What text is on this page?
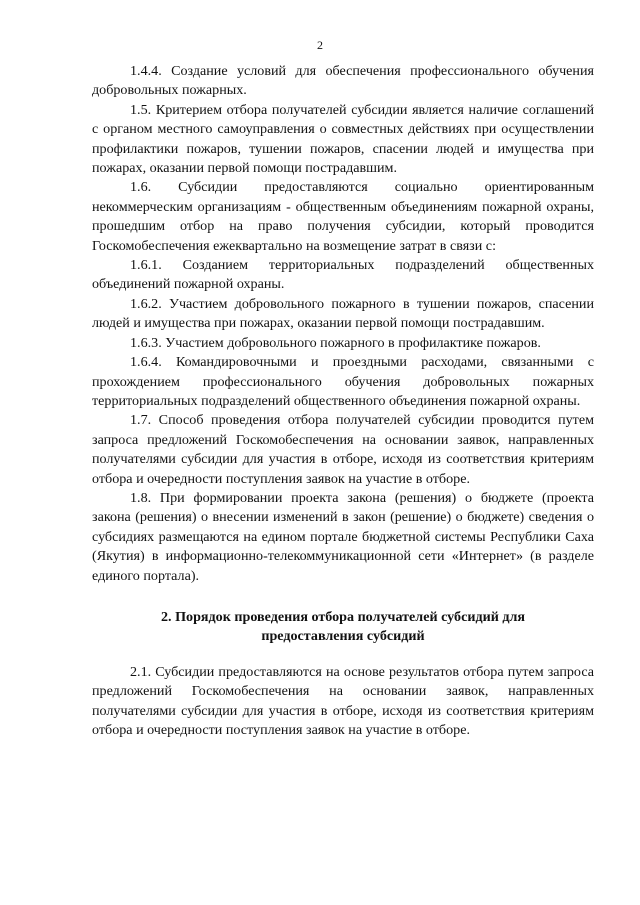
2

1.4.4. Создание условий для обеспечения профессионального обучения добровольных пожарных.

1.5. Критерием отбора получателей субсидии является наличие соглашений с органом местного самоуправления о совместных действиях при осуществлении профилактики пожаров, тушении пожаров, спасении людей и имущества при пожарах, оказании первой помощи пострадавшим.

1.6. Субсидии предоставляются социально ориентированным некоммерческим организациям - общественным объединениям пожарной охраны, прошедшим отбор на право получения субсидии, который проводится Госкомобеспечения ежеквартально на возмещение затрат в связи с:

1.6.1. Созданием территориальных подразделений общественных объединений пожарной охраны.

1.6.2. Участием добровольного пожарного в тушении пожаров, спасении людей и имущества при пожарах, оказании первой помощи пострадавшим.

1.6.3. Участием добровольного пожарного в профилактике пожаров.

1.6.4. Командировочными и проездными расходами, связанными с прохождением профессионального обучения добровольных пожарных территориальных подразделений общественного объединения пожарной охраны.

1.7. Способ проведения отбора получателей субсидии проводится путем запроса предложений Госкомобеспечения на основании заявок, направленных получателями субсидии для участия в отборе, исходя из соответствия критериям отбора и очередности поступления заявок на участие в отборе.

1.8. При формировании проекта закона (решения) о бюджете (проекта закона (решения) о внесении изменений в закон (решение) о бюджете) сведения о субсидиях размещаются на едином портале бюджетной системы Республики Саха (Якутия) в информационно-телекоммуникационной сети «Интернет» (в разделе единого портала).

2. Порядок проведения отбора получателей субсидий для
предоставления субсидий

2.1. Субсидии предоставляются на основе результатов отбора путем запроса предложений Госкомобеспечения на основании заявок, направленных получателями субсидии для участия в отборе, исходя из соответствия критериям отбора и очередности поступления заявок на участие в отборе.
